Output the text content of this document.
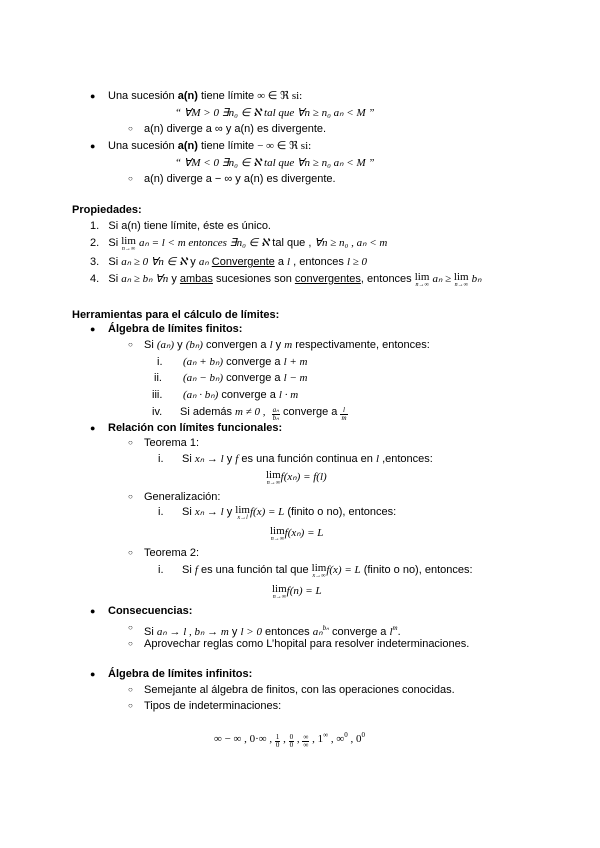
● Una sucesión a(n) tiene límite ∞ ∈ ℜ si:
“ ∀M > 0 ∃n₀ ∈ ℵ tal que ∀n ≥ n₀ aₙ < M ”
○ a(n) diverge a ∞ y a(n) es divergente.
● Una sucesión a(n) tiene límite − ∞ ∈ ℜ si:
“ ∀M < 0 ∃n₀ ∈ ℵ tal que ∀n ≥ n₀ aₙ < M ”
○ a(n) diverge a − ∞ y a(n) es divergente.
Propiedades:
1. Si a(n) tiene límite, éste es único.
2. Si lim
n→∞ aₙ = l < m entonces ∃n₀ ∈ ℵ tal que , ∀n ≥ n₀ , aₙ < m
3. Si aₙ ≥ 0 ∀n ∈ ℵ y aₙ Convergente a l , entonces l ≥ 0
4. Si aₙ ≥ bₙ ∀n y ambas sucesiones son convergentes, entonces lim
n→∞ aₙ ≥ lim
n→∞ bₙ
Herramientas para el cálculo de límites:
● Álgebra de límites finitos:
○ Si (aₙ) y (bₙ) convergen a l y m respectivamente, entonces:
i. (aₙ + bₙ) converge a l + m
ii. (aₙ − bₙ) converge a l − m
iii. (aₙ · bₙ) converge a l · m
iv. Si además m ≠ 0 , $\frac{\text{aₙ}}{\text{bₙ}}$ converge a $\frac{l}{m}$
● Relación con límites funcionales:
○ Teorema 1:
i. Si xₙ → l y f es una función continua en l ,entonces:
lim
n→∞ f(xₙ) = f(l)
○ Generalización:
i. Si xₙ → l y lim
x→l f(x) = L (finito o no), entonces:
lim
n→∞ f(xₙ) = L
○ Teorema 2:
i. Si f es una función tal que lim
x→∞ f(x) = L (finito o no), entonces:
lim
n→∞ f(n) = L
● Consecuencias:
○ Si aₙ → l , bₙ → m y l > 0 entonces aₙ$^{b_n}$ converge a $l^m$.
○ Aprovechar reglas como L’hopital para resolver indeterminaciones.
● Álgebra de límites infinitos:
○ Semejante al álgebra de finitos, con las operaciones conocidas.
○ Tipos de indeterminaciones:
∞ − ∞ , 0·∞ , $\frac{1}{0}$ , $\frac{0}{0}$ , ∞
∞ , 1∞ , ∞$^0$ , $0^0$
